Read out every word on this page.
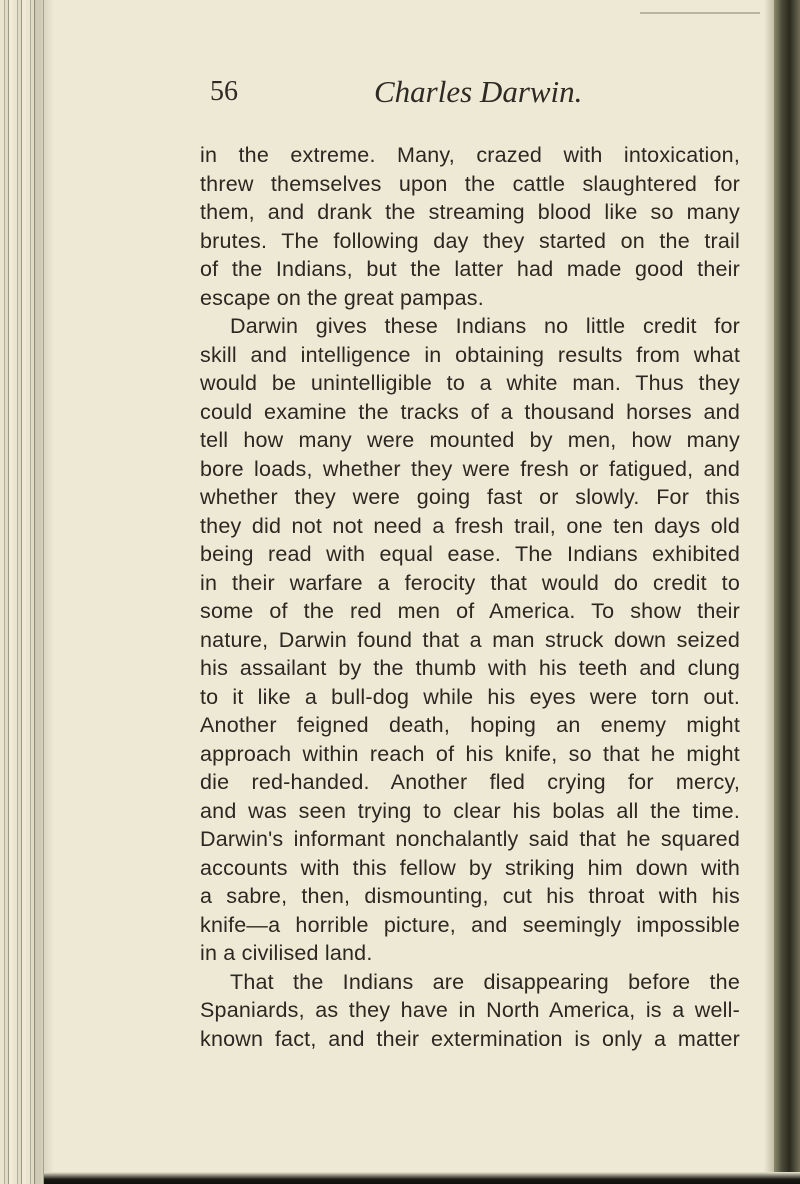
56	Charles Darwin.
in the extreme. Many, crazed with intoxication,
threw themselves upon the cattle slaughtered for
them, and drank the streaming blood like so many
brutes. The following day they started on the trail
of the Indians, but the latter had made good their
escape on the great pampas.
Darwin gives these Indians no little credit for
skill and intelligence in obtaining results from what
would be unintelligible to a white man. Thus they
could examine the tracks of a thousand horses and
tell how many were mounted by men, how many
bore loads, whether they were fresh or fatigued, and
whether they were going fast or slowly. For this
they did not not need a fresh trail, one ten days old
being read with equal ease. The Indians exhibited
in their warfare a ferocity that would do credit to
some of the red men of America. To show their
nature, Darwin found that a man struck down seized
his assailant by the thumb with his teeth and clung
to it like a bull-dog while his eyes were torn out.
Another feigned death, hoping an enemy might
approach within reach of his knife, so that he might
die red-handed. Another fled crying for mercy,
and was seen trying to clear his bolas all the time.
Darwin's informant nonchalantly said that he squared
accounts with this fellow by striking him down with
a sabre, then, dismounting, cut his throat with his
knife—a horrible picture, and seemingly impossible
in a civilised land.
That the Indians are disappearing before the
Spaniards, as they have in North America, is a well-
known fact, and their extermination is only a matter
